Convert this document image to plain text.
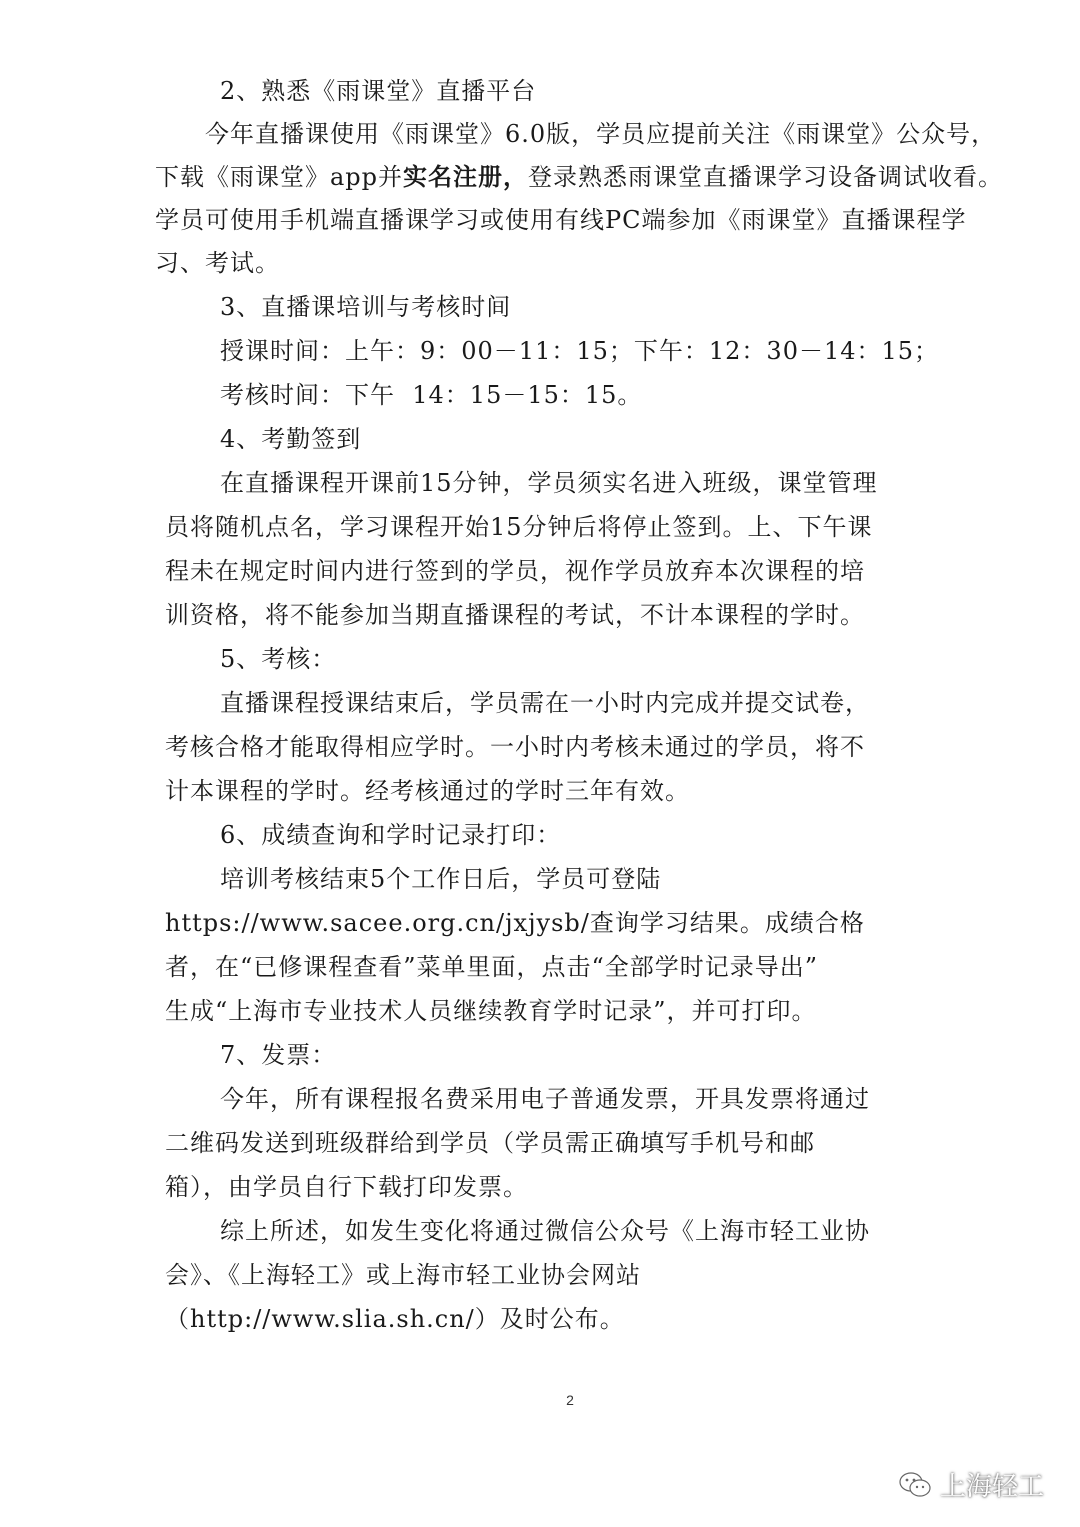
2、熟悉《雨课堂》直播平台
今年直播课使用《雨课堂》6.0版，学员应提前关注《雨课堂》公众号，
下载《雨课堂》app并实名注册，登录熟悉雨课堂直播课学习设备调试收看。
学员可使用手机端直播课学习或使用有线PC端参加《雨课堂》直播课程学
习、考试。
3、直播课培训与考核时间
授课时间：上午：9：00－11：15；下午：12：30－14：15；
考核时间：下午  14：15－15：15。
4、考勤签到
在直播课程开课前15分钟，学员须实名进入班级，课堂管理
员将随机点名，学习课程开始15分钟后将停止签到。上、下午课
程未在规定时间内进行签到的学员，视作学员放弃本次课程的培
训资格，将不能参加当期直播课程的考试，不计本课程的学时。
5、考核：
直播课程授课结束后，学员需在一小时内完成并提交试卷，
考核合格才能取得相应学时。一小时内考核未通过的学员，将不
计本课程的学时。经考核通过的学时三年有效。
6、成绩查询和学时记录打印：
培训考核结束5个工作日后，学员可登陆
https://www.sacee.org.cn/jxjysb/查询学习结果。成绩合格
者，在“已修课程查看”菜单里面，点击“全部学时记录导出”
生成“上海市专业技术人员继续教育学时记录”，并可打印。
7、发票：
今年，所有课程报名费采用电子普通发票，开具发票将通过
二维码发送到班级群给到学员（学员需正确填写手机号和邮
箱），由学员自行下载打印发票。
综上所述，如发生变化将通过微信公众号《上海市轻工业协
会》、《上海轻工》或上海市轻工业协会网站
（http://www.slia.sh.cn/）及时公布。
2
上海轻工
